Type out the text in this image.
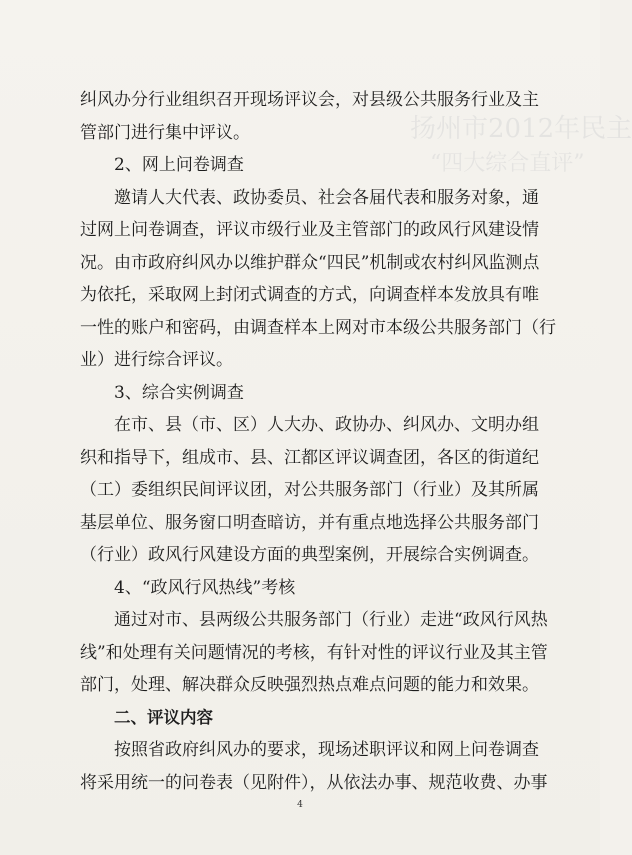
扬州市2012年民主
“四大综合直评”
纠风办分行业组织召开现场评议会，对县级公共服务行业及主
管部门进行集中评议。
2、网上问卷调查
邀请人大代表、政协委员、社会各届代表和服务对象，通
过网上问卷调查，评议市级行业及主管部门的政风行风建设情
况。由市政府纠风办以维护群众“四民”机制或农村纠风监测点
为依托，采取网上封闭式调查的方式，向调查样本发放具有唯
一性的账户和密码，由调查样本上网对市本级公共服务部门（行
业）进行综合评议。
3、综合实例调查
在市、县（市、区）人大办、政协办、纠风办、文明办组
织和指导下，组成市、县、江都区评议调查团，各区的街道纪
（工）委组织民间评议团，对公共服务部门（行业）及其所属
基层单位、服务窗口明查暗访，并有重点地选择公共服务部门
（行业）政风行风建设方面的典型案例，开展综合实例调查。
4、“政风行风热线”考核
通过对市、县两级公共服务部门（行业）走进“政风行风热
线”和处理有关问题情况的考核，有针对性的评议行业及其主管
部门，处理、解决群众反映强烈热点难点问题的能力和效果。
二、评议内容
按照省政府纠风办的要求，现场述职评议和网上问卷调查
将采用统一的问卷表（见附件），从依法办事、规范收费、办事
4
